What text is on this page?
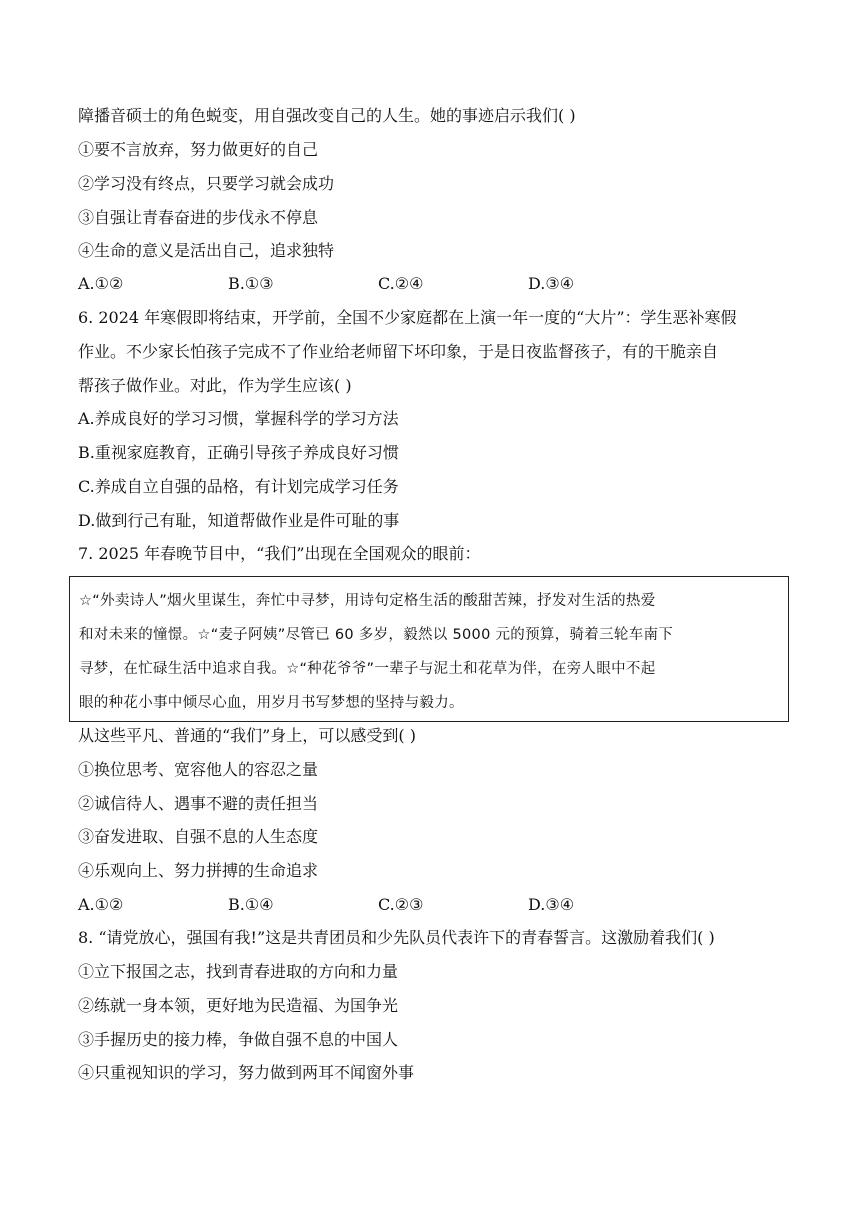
障播音硕士的角色蜕变，用自强改变自己的人生。她的事迹启示我们( )
①要不言放弃，努力做更好的自己
②学习没有终点，只要学习就会成功
③自强让青春奋进的步伐永不停息
④生命的意义是活出自己，追求独特
A.①②	B.①③	C.②④	D.③④
6. 2024 年寒假即将结束，开学前，全国不少家庭都在上演一年一度的“大片”：学生恶补寒假
作业。不少家长怕孩子完成不了作业给老师留下坏印象，于是日夜监督孩子，有的干脆亲自
帮孩子做作业。对此，作为学生应该( )
A.养成良好的学习习惯，掌握科学的学习方法
B.重视家庭教育，正确引导孩子养成良好习惯
C.养成自立自强的品格，有计划完成学习任务
D.做到行己有耻，知道帮做作业是件可耻的事
7. 2025 年春晚节目中，“我们”出现在全国观众的眼前：
☆“外卖诗人”烟火里谋生，奔忙中寻梦，用诗句定格生活的酸甜苦辣，抒发对生活的热爱
和对未来的憧憬。☆“麦子阿姨”尽管已 60 多岁，毅然以 5000 元的预算，骑着三轮车南下
寻梦，在忙碌生活中追求自我。☆“种花爷爷”一辈子与泥土和花草为伴，在旁人眼中不起
眼的种花小事中倾尽心血，用岁月书写梦想的坚持与毅力。
从这些平凡、普通的“我们”身上，可以感受到( )
①换位思考、宽容他人的容忍之量
②诚信待人、遇事不避的责任担当
③奋发进取、自强不息的人生态度
④乐观向上、努力拼搏的生命追求
A.①②	B.①④	C.②③	D.③④
8. “请党放心，强国有我!”这是共青团员和少先队员代表许下的青春誓言。这激励着我们( )
①立下报国之志，找到青春进取的方向和力量
②练就一身本领，更好地为民造福、为国争光
③手握历史的接力棒，争做自强不息的中国人
④只重视知识的学习，努力做到两耳不闻窗外事
